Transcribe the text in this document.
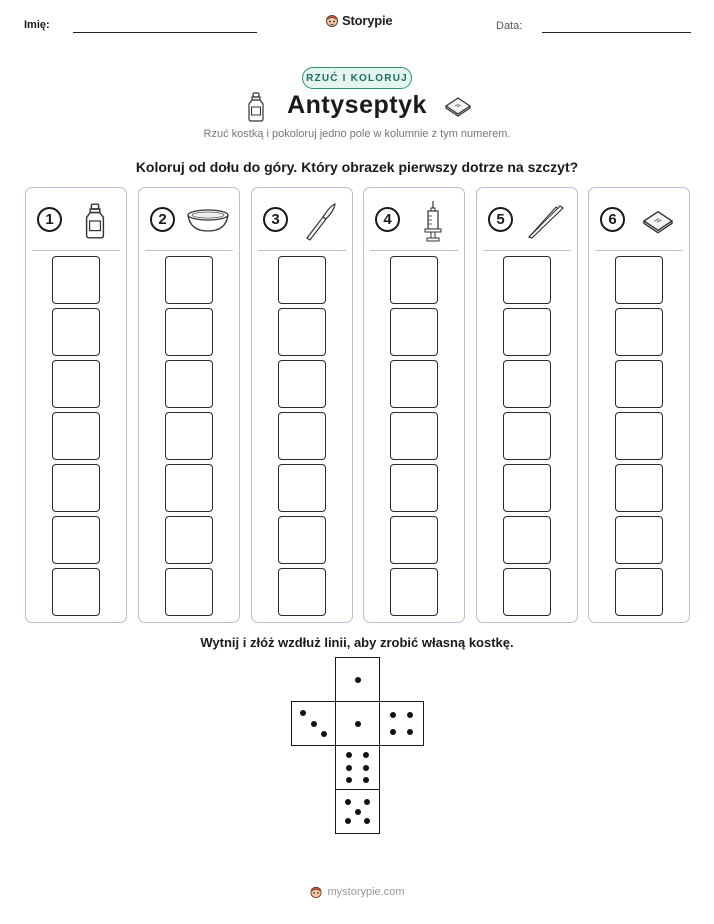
Imię:	Storypie	Data:
RZUĆ I KOLORUJ
Antyseptyk
Rzuć kostką i pokoloruj jedno pole w kolumnie z tym numerem.
Koloruj od dołu do góry. Który obrazek pierwszy dotrze na szczyt?
1	2	3	4	5	6
Wytnij i złóż wzdłuż linii, aby zrobić własną kostkę.
mystorypie.com
